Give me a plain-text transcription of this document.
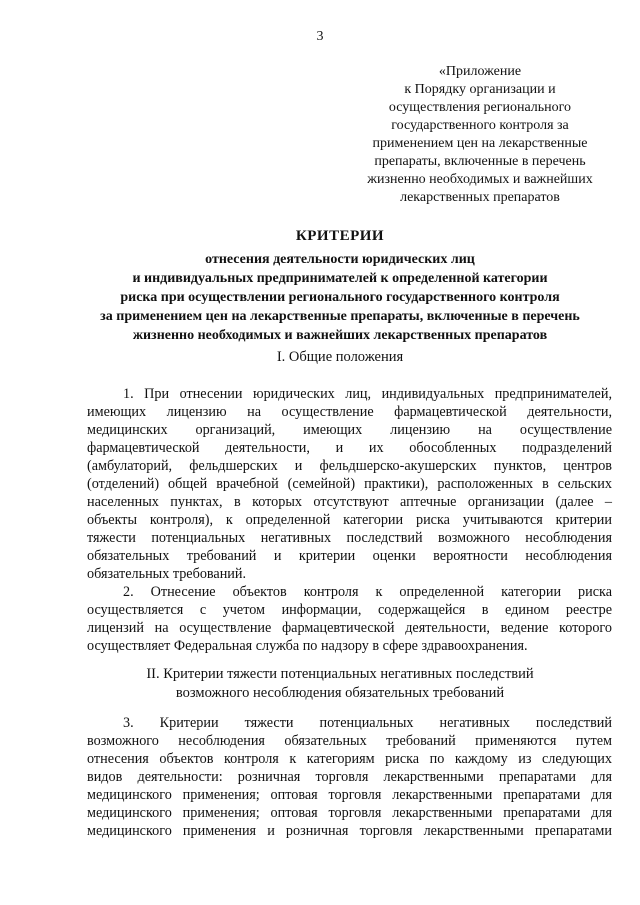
3
«Приложение
к Порядку организации и
осуществления регионального
государственного контроля за
применением цен на лекарственные
препараты, включенные в перечень
жизненно необходимых и важнейших
лекарственных препаратов
КРИТЕРИИ
отнесения деятельности юридических лиц
и индивидуальных предпринимателей к определенной категории
риска при осуществлении регионального государственного контроля
за применением цен на лекарственные препараты, включенные в перечень
жизненно необходимых и важнейших лекарственных препаратов
I. Общие положения
1. При отнесении юридических лиц, индивидуальных предпринимателей,
имеющих лицензию на осуществление фармацевтической деятельности,
медицинских организаций, имеющих лицензию на осуществление
фармацевтической деятельности, и их обособленных подразделений
(амбулаторий, фельдшерских и фельдшерско-акушерских пунктов, центров
(отделений) общей врачебной (семейной) практики), расположенных в сельских
населенных пунктах, в которых отсутствуют аптечные организации (далее –
объекты контроля), к определенной категории риска учитываются критерии
тяжести потенциальных негативных последствий возможного несоблюдения
обязательных требований и критерии оценки вероятности несоблюдения
обязательных требований.
2. Отнесение объектов контроля к определенной категории риска
осуществляется с учетом информации, содержащейся в едином реестре
лицензий на осуществление фармацевтической деятельности, ведение которого
осуществляет Федеральная служба по надзору в сфере здравоохранения.
II. Критерии тяжести потенциальных негативных последствий
возможного несоблюдения обязательных требований
3. Критерии тяжести потенциальных негативных последствий
возможного несоблюдения обязательных требований применяются путем
отнесения объектов контроля к категориям риска по каждому из следующих
видов деятельности: розничная торговля лекарственными препаратами для
медицинского применения; оптовая торговля лекарственными препаратами для
медицинского применения; оптовая торговля лекарственными препаратами для
медицинского применения и розничная торговля лекарственными препаратами
